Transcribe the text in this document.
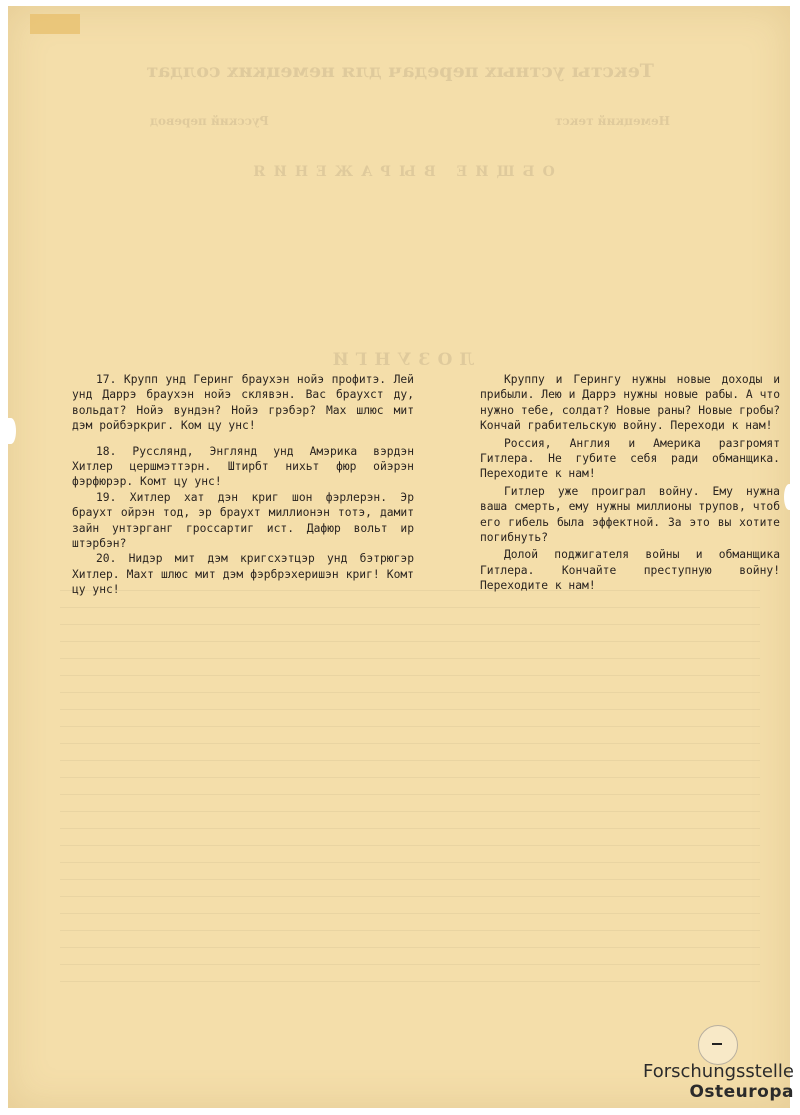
Тексты устных передач для немецких солдат
Немецкий текст
Русский перевод
ОБЩИЕ ВЫРАЖЕНИЯ
ЛОЗУНГИ

17. Крупп унд Геринг браухэн нойэ профитэ. Лей унд Даррэ браухэн нойэ склявэн. Вас браухст ду, вольдат? Нойэ вундэн? Нойэ грэбэр? Мах шлюс мит дэм ройбэркриг. Ком цу унс!

18. Русслянд, Энглянд унд Амэрика вэрдэн Хитлер цершмэттэрн. Штирбт нихьт фюр ойэрэн фэрфюрэр. Комт цу унс!

19. Хитлер хат дэн криг шон фэрлерэн. Эр браухт ойрэн тод, эр браухт миллионэн тотэ, дамит зайн унтэрганг гроссартиг ист. Дафюр вольт ир штэрбэн?

20. Нидэр мит дэм кригсхэтцэр унд бэтрюгэр Хитлер. Махт шлюс мит дэм фэрбрэхеришэн криг! Комт цу унс!

Круппу и Герингу нужны новые доходы и прибыли. Лею и Даррэ нужны новые рабы. А что нужно тебе, солдат? Новые раны? Новые гробы? Кончай грабительскую войну. Переходи к нам!

Россия, Англия и Америка разгромят Гитлера. Не губите себя ради обманщика. Переходите к нам!

Гитлер уже проиграл войну. Ему нужна ваша смерть, ему нужны миллионы трупов, чтоб его гибель была эффектной. За это вы хотите погибнуть?

Долой поджигателя войны и обманщика Гитлера. Кончайте преступную войну! Переходите к нам!

Forschungsstelle
Osteuropa
